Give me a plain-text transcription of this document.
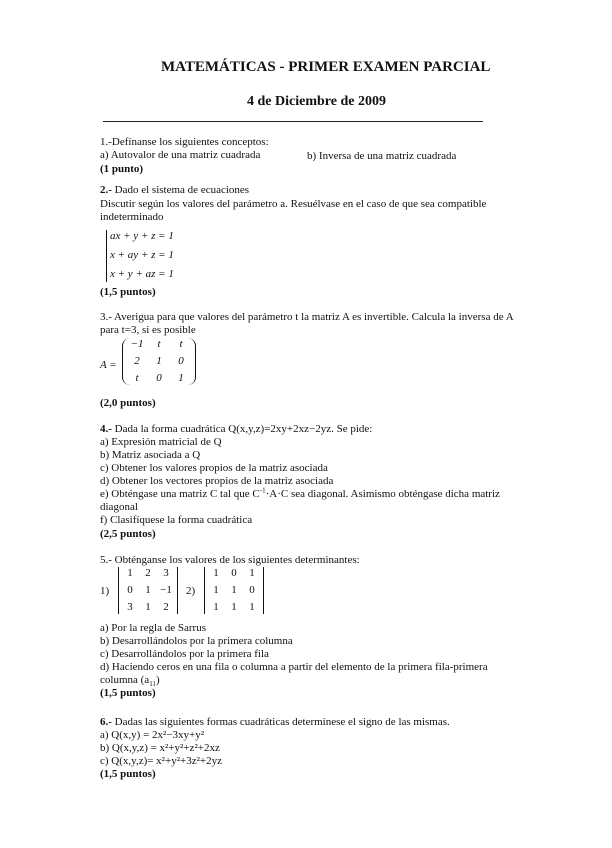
MATEMÁTICAS - PRIMER EXAMEN PARCIAL
4 de Diciembre de 2009
1.-Defínanse los siguientes conceptos:
a) Autovalor de una matriz cuadrada	b) Inversa de una matriz cuadrada
(1 punto)
2.- Dado el sistema de ecuaciones
Discutir según los valores del parámetro a. Resuélvase en el caso de que sea compatible
indeterminado
ax + y + z = 1
x + ay + z = 1
x + y + az = 1
(1,5 puntos)
3.- Averigua para que valores del parámetro t la matriz A es invertible. Calcula la inversa de A
para t=3, si es posible
A =
−1	t	t
2	1	0
t	0	1
(2,0 puntos)
4.- Dada la forma cuadrática Q(x,y,z)=2xy+2xz−2yz. Se pide:
a) Expresión matricial de Q
b) Matriz asociada a Q
c) Obtener los valores propios de la matriz asociada
d) Obtener los vectores propios de la matriz asociada
e) Obténgase una matriz C tal que $C^{-1}\cdot A\cdot C$ sea diagonal. Asimismo obténgase dicha matriz
diagonal
f) Clasifíquese la forma cuadrática
(2,5 puntos)
5.- Obténganse los valores de los siguientes determinantes:
1)
1	2	3
0	1 −1
3	1	2
2)
1	0	1
1	1	0
1	1	1
a) Por la regla de Sarrus
b) Desarrollándolos por la primera columna
c) Desarrollándolos por la primera fila
d) Haciendo ceros en una fila o columna a partir del elemento de la primera fila-primera
columna $(a_{11})$
(1,5 puntos)
6.- Dadas las siguientes formas cuadráticas determínese el signo de las mismas.
a) Q(x,y) = 2x²−3xy+y²
b) Q(x,y,z) = x²+y²+z²+2xz
c) Q(x,y,z)= x²+y²+3z²+2yz
(1,5 puntos)
